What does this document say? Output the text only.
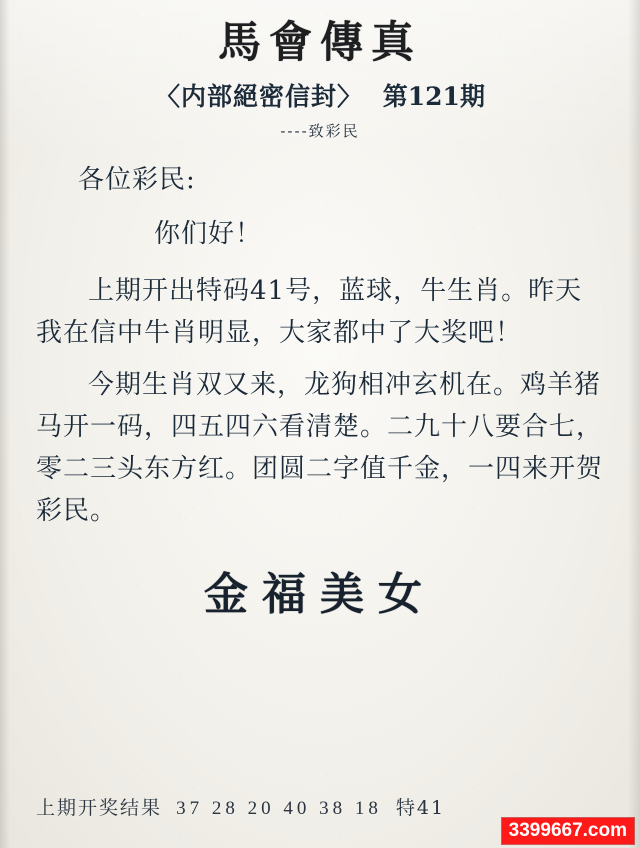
馬會傳真
〈内部絕密信封〉 第121期
----致彩民
各位彩民:
你们好！
上期开出特码41号，蓝球，牛生肖。昨天我在信中牛肖明显，大家都中了大奖吧！
今期生肖双又来，龙狗相冲玄机在。鸡羊猪马开一码，四五四六看清楚。二九十八要合七，零二三头东方红。团圆二字值千金，一四来开贺彩民。
金福美女
上期开奖结果 37 28 20 40 38 18 特41
3399667.com
